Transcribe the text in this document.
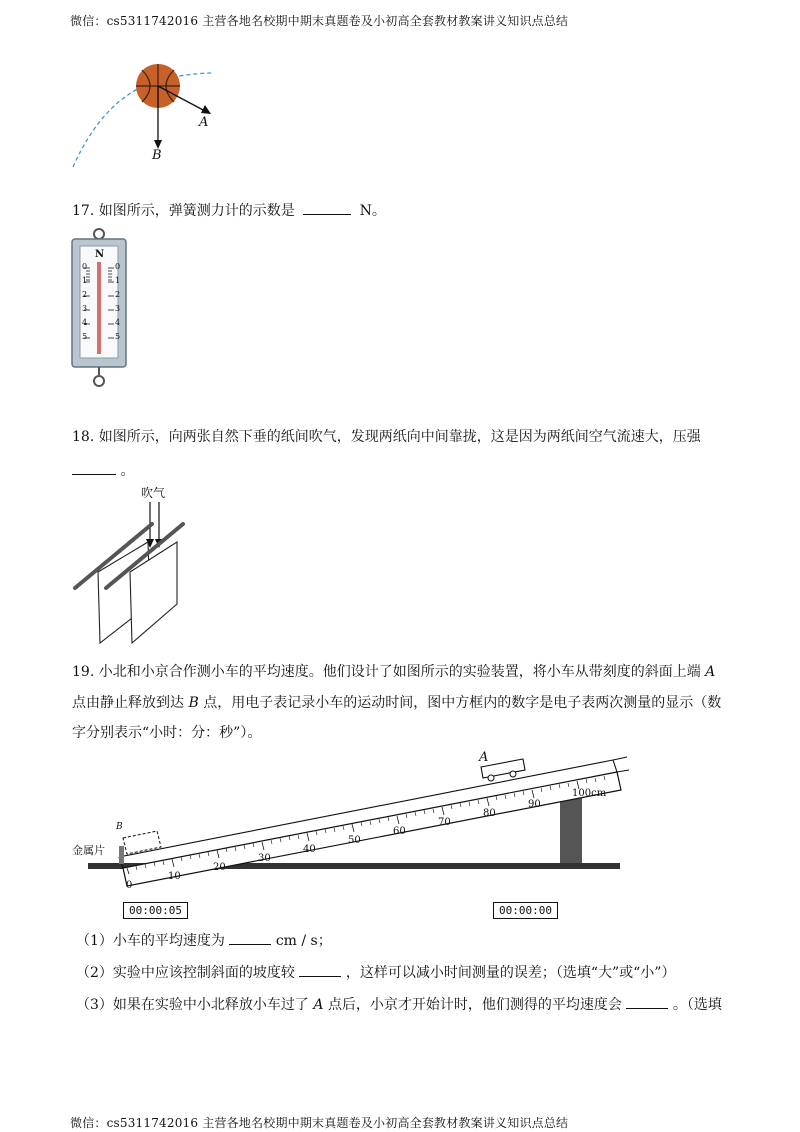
微信：cs5311742016 主营各地名校期中期末真题卷及小初高全套教材教案讲义知识点总结
A
B
17. 如图所示，弹簧测力计的示数是	N。
N
0
1
2
3
4
5
0
1
2
3
4
5
18. 如图所示，向两张自然下垂的纸间吹气，发现两纸向中间靠拢，这是因为两纸间空气流速大，压强
。
吹气
19. 小北和小京合作测小车的平均速度。他们设计了如图所示的实验装置，将小车从带刻度的斜面上端 A
点由静止释放到达 B 点，用电子表记录小车的运动时间，图中方框内的数字是电子表两次测量的显示（数
字分别表示“小时：分：秒”）。
0
10
20
30
40
50
60
70
80
90
100cm
金属片
A
B
00:00:05	00:00:00
（1）小车的平均速度为	cm / s；
（2）实验中应该控制斜面的坡度较	，这样可以减小时间测量的误差；（选填“大”或“小”）
（3）如果在实验中小北释放小车过了 A 点后，小京才开始计时，他们测得的平均速度会	。（选填
微信：cs5311742016 主营各地名校期中期末真题卷及小初高全套教材教案讲义知识点总结
